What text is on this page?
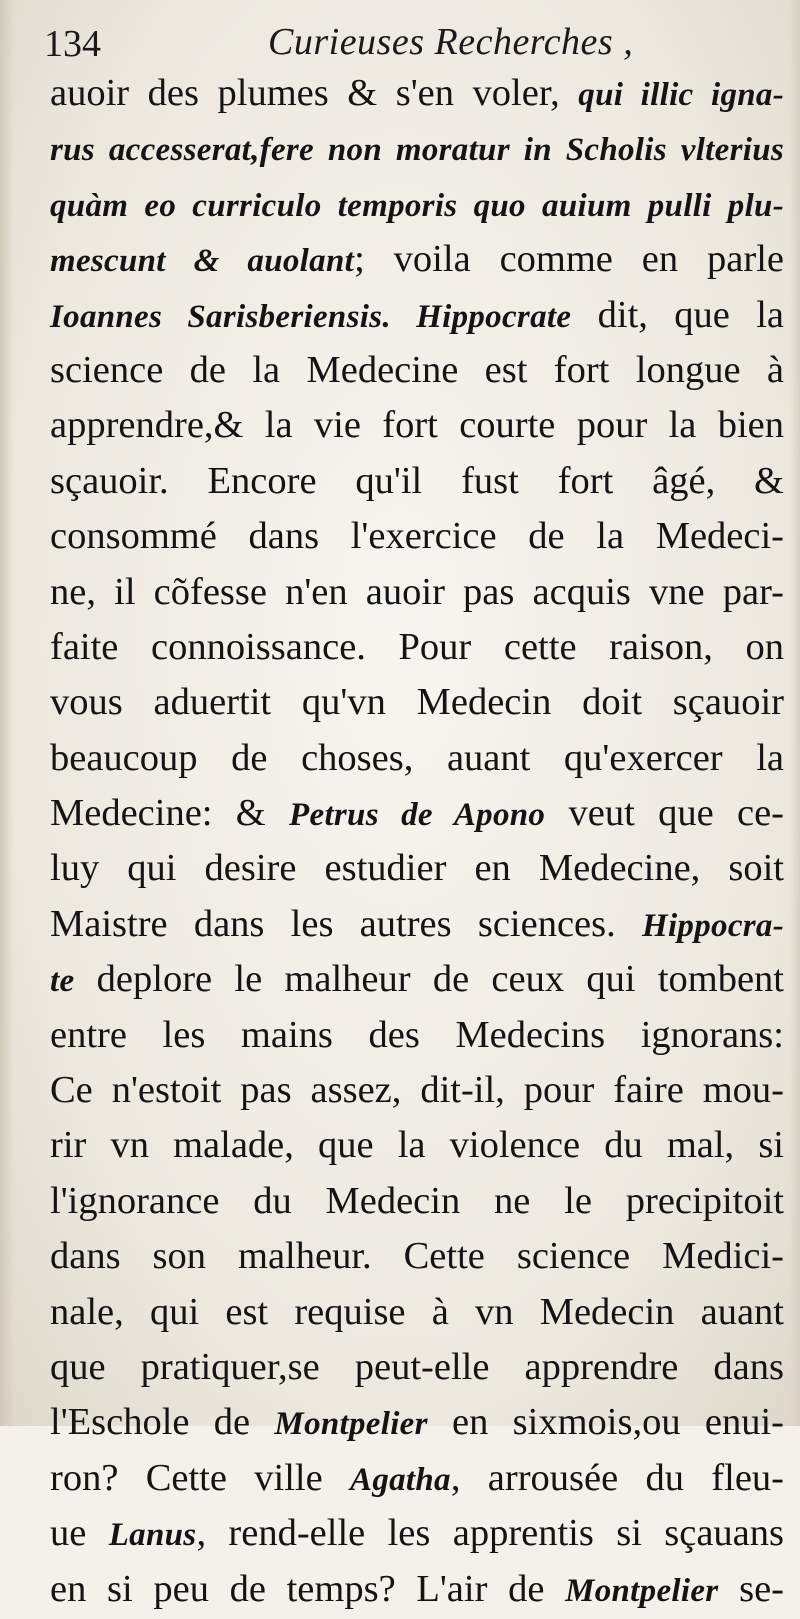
134	Curieuses Recherches ,
auoir des plumes & s'en voler, qui illic igna-
rus accesserat,fere non moratur in Scholis vlterius
quàm eo curriculo temporis quo auium pulli plu-
mescunt & auolant; voila comme en parle
Ioannes Sarisberiensis. Hippocrate dit, que la
science de la Medecine est fort longue à
apprendre,& la vie fort courte pour la bien
sçauoir. Encore qu'il fust fort âgé, &
consommé dans l'exercice de la Medeci-
ne, il cõfesse n'en auoir pas acquis vne par-
faite connoissance. Pour cette raison, on
vous aduertit qu'vn Medecin doit sçauoir
beaucoup de choses, auant qu'exercer la
Medecine: & Petrus de Apono veut que ce-
luy qui desire estudier en Medecine, soit
Maistre dans les autres sciences. Hippocra-
te deplore le malheur de ceux qui tombent
entre les mains des Medecins ignorans:
Ce n'estoit pas assez, dit-il, pour faire mou-
rir vn malade, que la violence du mal, si
l'ignorance du Medecin ne le precipitoit
dans son malheur. Cette science Medici-
nale, qui est requise à vn Medecin auant
que pratiquer,se peut-elle apprendre dans
l'Eschole de Montpelier en sixmois,ou enui-
ron? Cette ville Agatha, arrousée du fleu-
ue Lanus, rend-elle les apprentis si sçauans
en si peu de temps? L'air de Montpelier se-
